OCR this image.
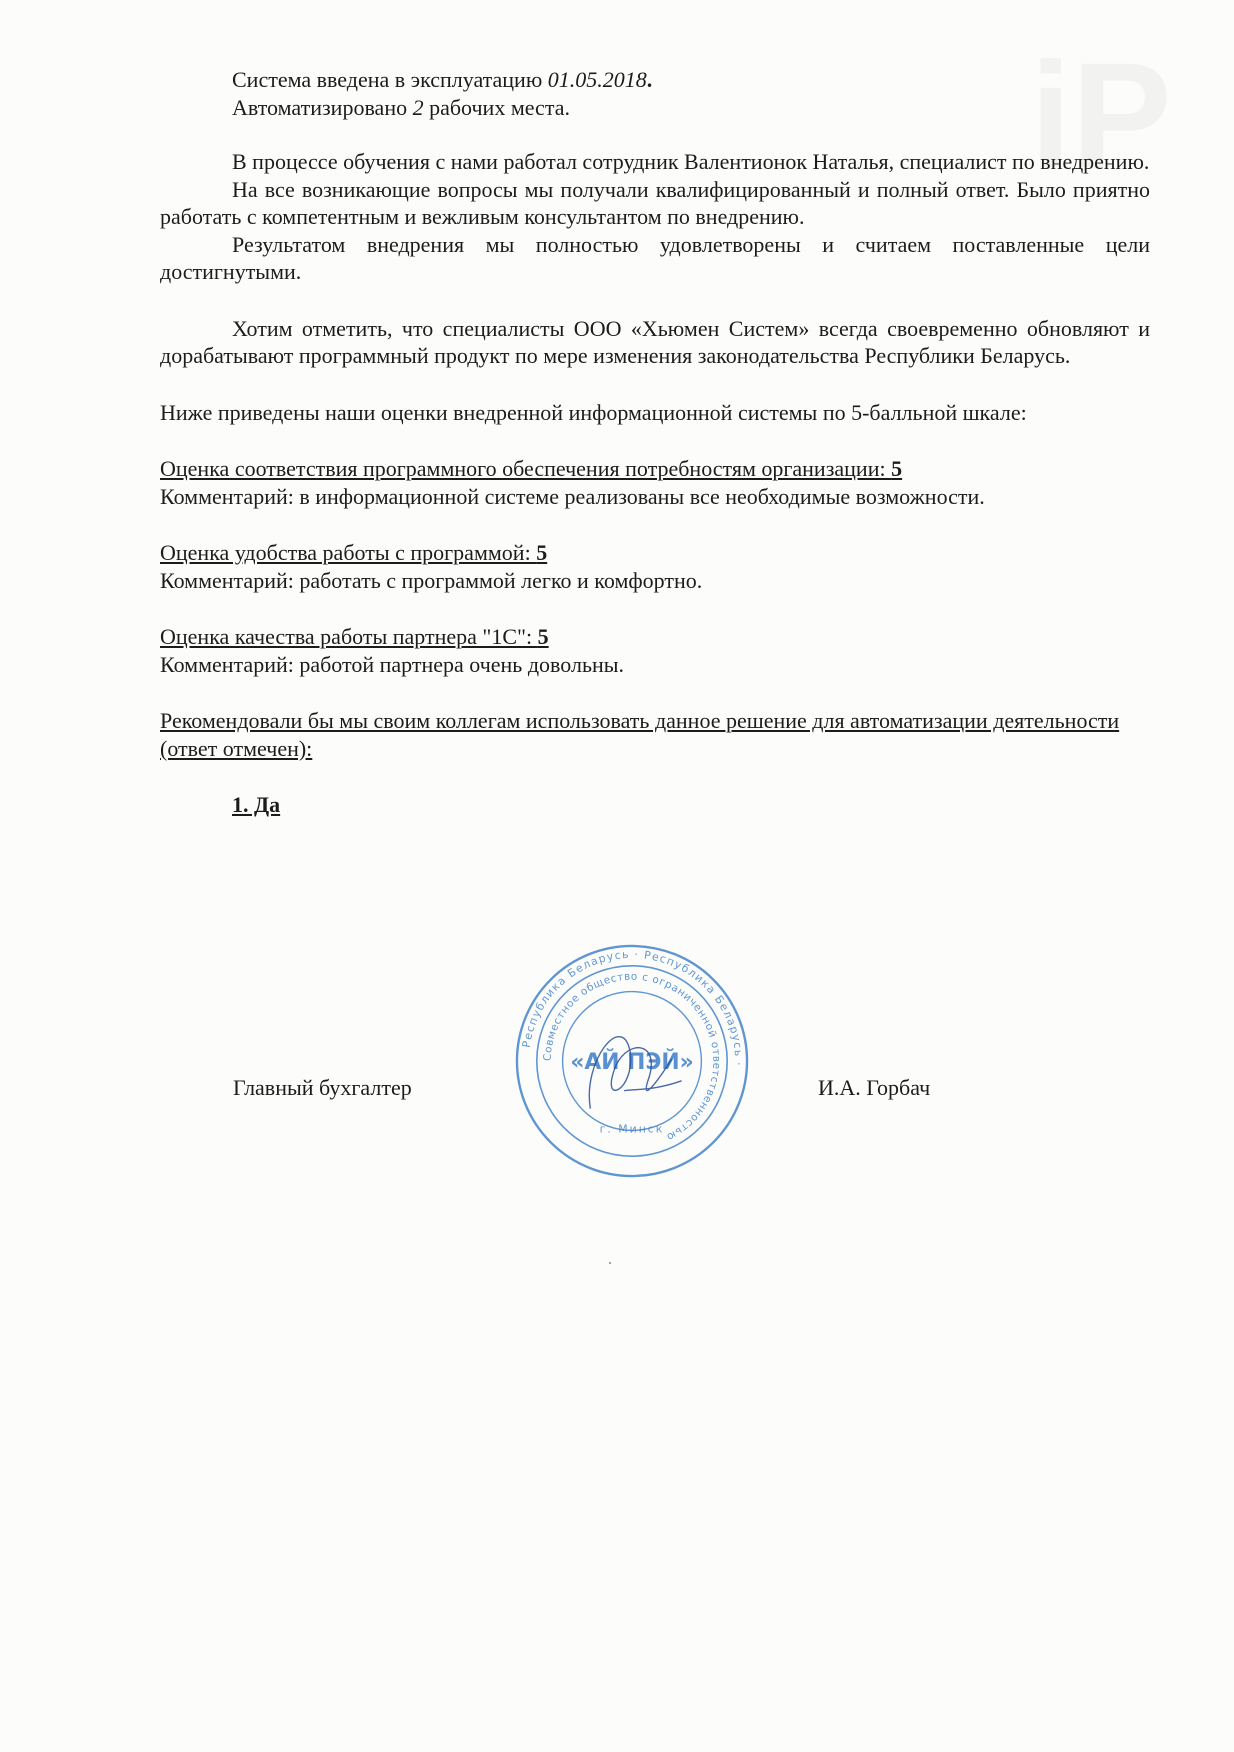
iP

Система введена в эксплуатацию 01.05.2018.

Автоматизировано 2 рабочих места.

В процессе обучения с нами работал сотрудник Валентионок Наталья, специалист по внедрению.

На все возникающие вопросы мы получали квалифицированный и полный ответ. Было приятно работать с компетентным и вежливым консультантом по внедрению.

Результатом внедрения мы полностью удовлетворены и считаем поставленные цели достигнутыми.

Хотим отметить, что специалисты ООО «Хьюмен Систем» всегда своевременно обновляют и дорабатывают программный продукт по мере изменения законодательства Республики Беларусь.

Ниже приведены наши оценки внедренной информационной системы по 5-балльной шкале:

Оценка соответствия программного обеспечения потребностям организации: 5

Комментарий: в информационной системе реализованы все необходимые возможности.

Оценка удобства работы с программой: 5

Комментарий: работать с программой легко и комфортно.

Оценка качества работы партнера "1С": 5

Комментарий: работой партнера очень довольны.

Рекомендовали бы мы своим коллегам использовать данное решение для автоматизации деятельности (ответ отмечен):

1. Да

Главный бухгалтер	И.А. Горбач
Республика Беларусь · Республика Беларусь ·
Совместное общество с ограниченной ответственностью
«АЙ ПЭЙ»
г. Минск
